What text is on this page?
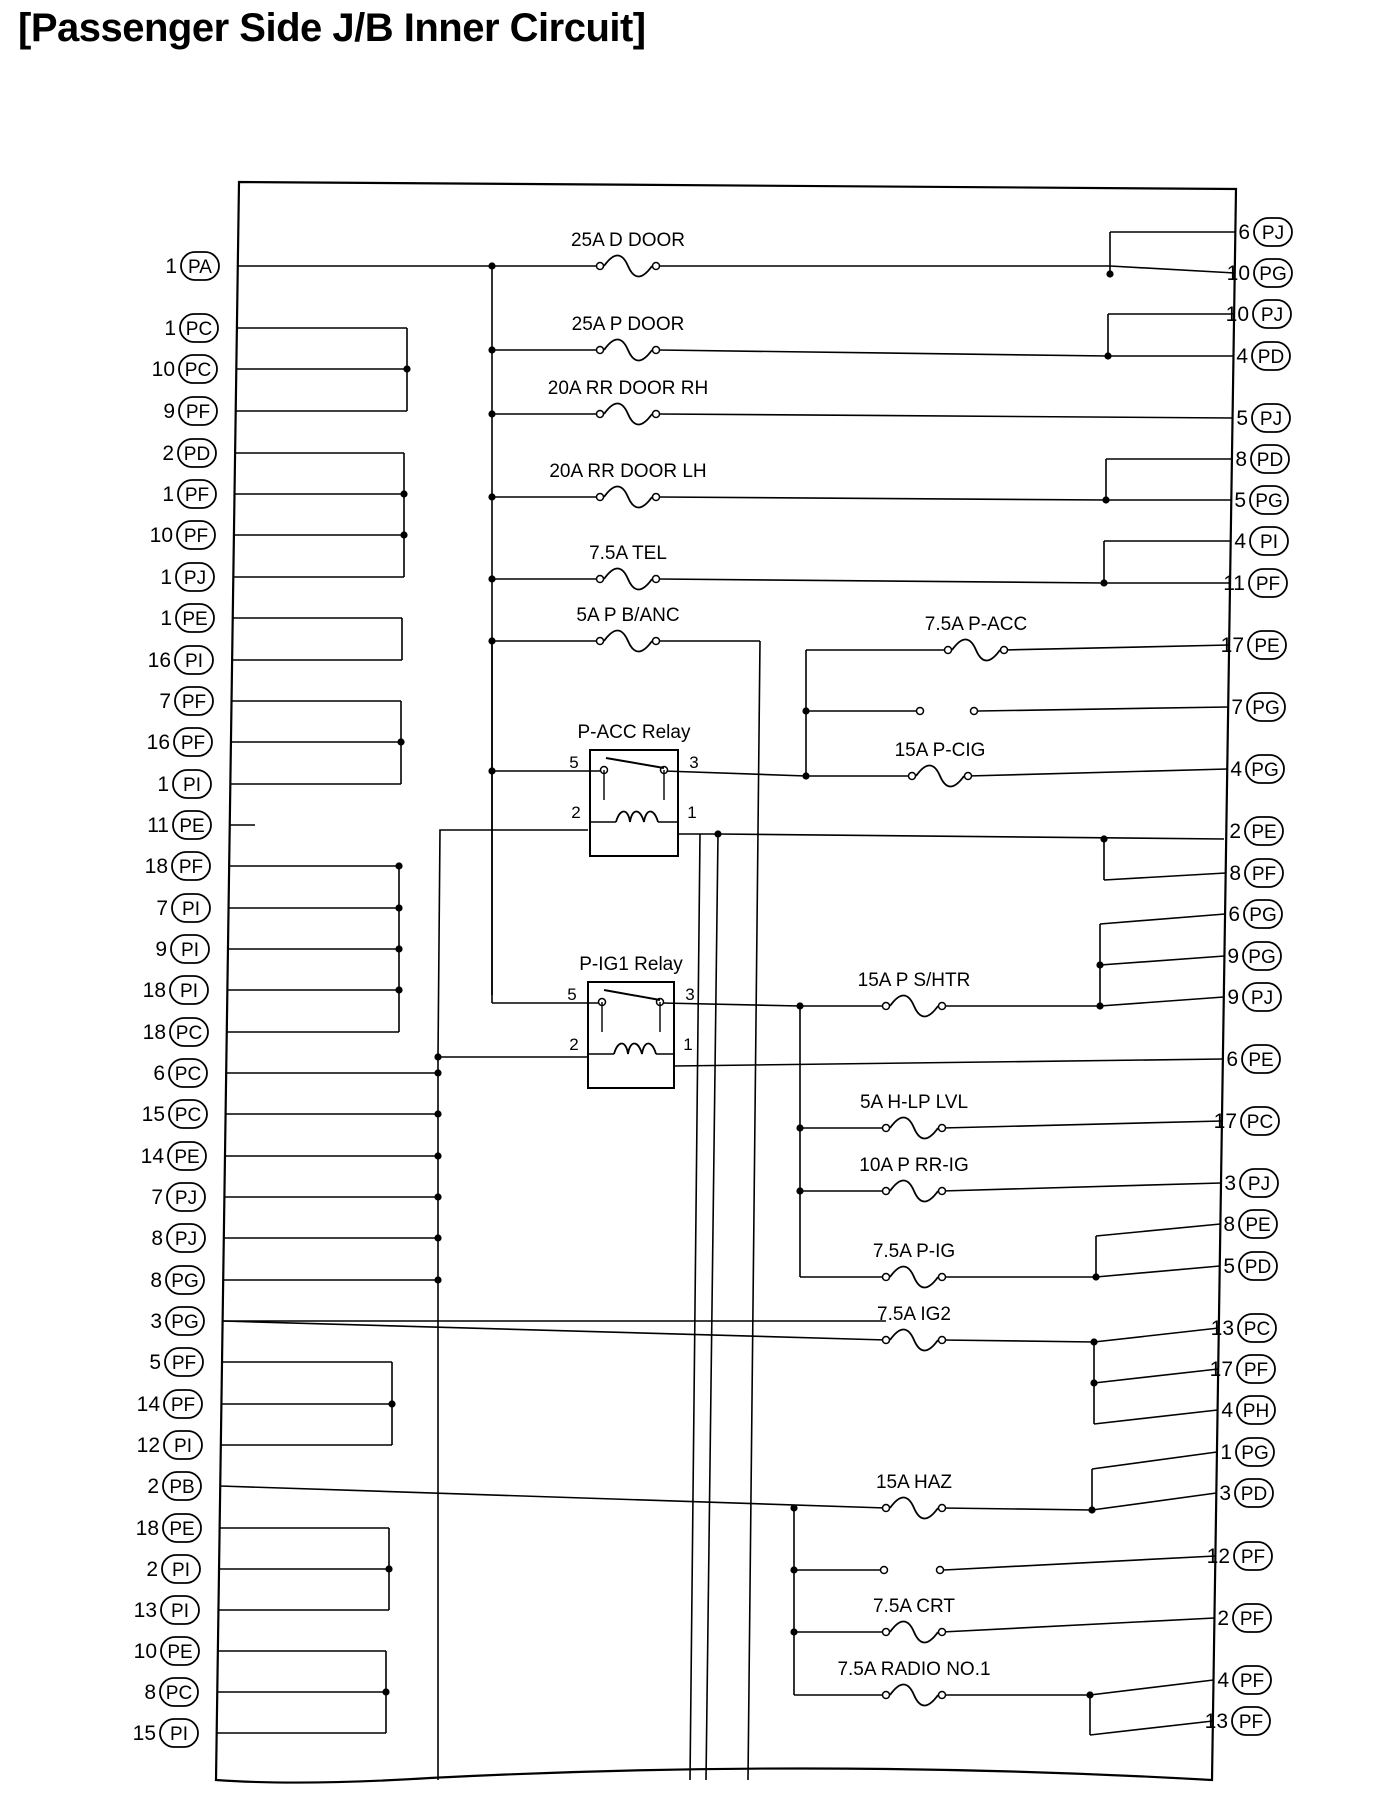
[Passenger Side J/B Inner Circuit]
1 PA
1 PC
10 PC
9 PF
2 PD
1 PF
10 PF
1 PJ
1 PE
16 PI
7 PF
16 PF
1 PI
11 PE
18 PF
7 PI
9 PI
18 PI
18 PC
6 PC
15 PC
14 PE
7 PJ
8 PJ
8 PG
3 PG
5 PF
14 PF
12 PI
2 PB
18 PE
2 PI
13 PI
10 PE
8 PC
15 PI
6 PJ
10 PG
10 PJ
4 PD
5 PJ
8 PD
5 PG
4 PI
11 PF
17 PE
7 PG
4 PG
2 PE
8 PF
6 PG
9 PG
9 PJ
6 PE
17 PC
3 PJ
8 PE
5 PD
13 PC
17 PF
4 PH
1 PG
3 PD
12 PF
2 PF
4 PF
13 PF
25A D DOOR
25A P DOOR
20A RR DOOR RH
20A RR DOOR LH
7.5A TEL
5A P B/ANC
P-ACC Relay
5	3
2	1
P-IG1 Relay
5	3
2	1
7.5A P-ACC
15A P-CIG
15A P S/HTR
5A H-LP LVL
10A P RR-IG
7.5A P-IG
7.5A IG2
15A HAZ
7.5A CRT
7.5A RADIO NO.1
